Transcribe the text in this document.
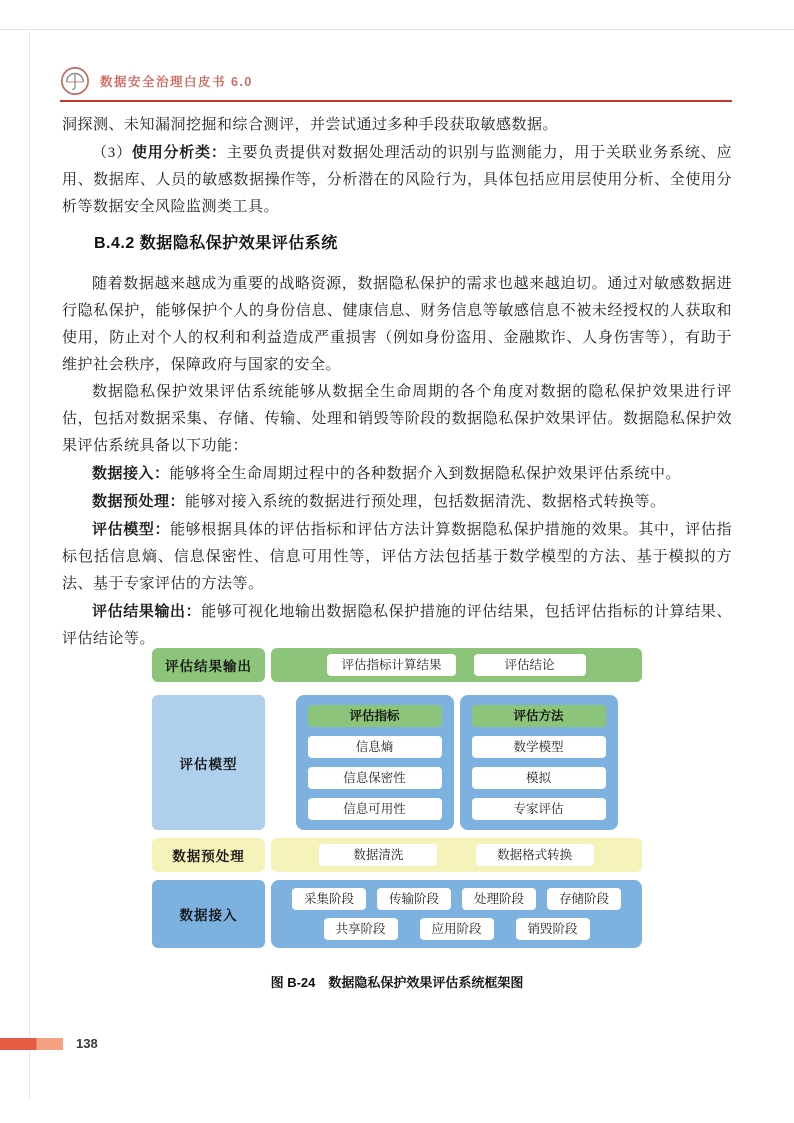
数据安全治理白皮书 6.0

洞探测、未知漏洞挖掘和综合测评，并尝试通过多种手段获取敏感数据。

（3）使用分析类：主要负责提供对数据处理活动的识别与监测能力，用于关联业务系统、应用、数据库、人员的敏感数据操作等，分析潜在的风险行为，具体包括应用层使用分析、全使用分析等数据安全风险监测类工具。

B.4.2 数据隐私保护效果评估系统

随着数据越来越成为重要的战略资源，数据隐私保护的需求也越来越迫切。通过对敏感数据进行隐私保护，能够保护个人的身份信息、健康信息、财务信息等敏感信息不被未经授权的人获取和使用，防止对个人的权利和利益造成严重损害（例如身份盗用、金融欺诈、人身伤害等），有助于维护社会秩序，保障政府与国家的安全。

数据隐私保护效果评估系统能够从数据全生命周期的各个角度对数据的隐私保护效果进行评估，包括对数据采集、存储、传输、处理和销毁等阶段的数据隐私保护效果评估。数据隐私保护效果评估系统具备以下功能：

数据接入：能够将全生命周期过程中的各种数据介入到数据隐私保护效果评估系统中。

数据预处理：能够对接入系统的数据进行预处理，包括数据清洗、数据格式转换等。

评估模型：能够根据具体的评估指标和评估方法计算数据隐私保护措施的效果。其中，评估指标包括信息熵、信息保密性、信息可用性等，评估方法包括基于数学模型的方法、基于模拟的方法、基于专家评估的方法等。

评估结果输出：能够可视化地输出数据隐私保护措施的评估结果，包括评估指标的计算结果、评估结论等。

评估结果输出	评估指标计算结果	评估结论
评估模型
评估指标
信息熵
信息保密性
信息可用性
评估方法
数学模型
模拟
专家评估
数据预处理	数据清洗	数据格式转换
数据接入
采集阶段	传输阶段	处理阶段	存储阶段
共享阶段	应用阶段	销毁阶段
图 B-24　数据隐私保护效果评估系统框架图
138
